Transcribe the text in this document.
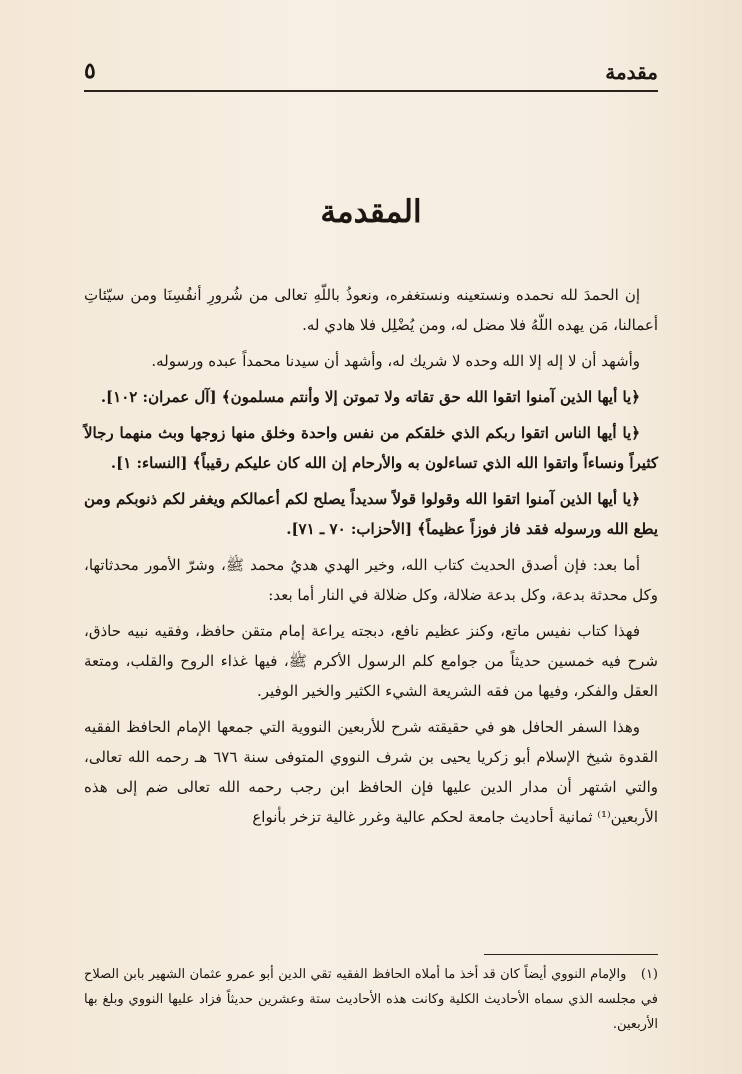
مقدمة
٥
المقدمة

إن الحمدَ لله نحمده ونستعينه ونستغفره، ونعوذُ باللّهِ تعالى من شُرورِ أنفُسِنَا ومن سيّئاتِ أعمالنا، مَن يهده اللّهُ فلا مضل له، ومن يُضْلِل فلا هادي له.

وأشهد أن لا إله إلا الله وحده لا شريك له، وأشهد أن سيدنا محمداً عبده ورسوله.

﴿يا أيها الذين آمنوا اتقوا الله حق تقاته ولا تموتن إلا وأنتم مسلمون﴾ [آل عمران: ١٠٢].

﴿يا أيها الناس اتقوا ربكم الذي خلقكم من نفس واحدة وخلق منها زوجها وبث منهما رجالاً كثيراً ونساءاً واتقوا الله الذي تساءلون به والأرحام إن الله كان عليكم رقيباً﴾ [النساء: ١].

﴿يا أيها الذين آمنوا اتقوا الله وقولوا قولاً سديداً يصلح لكم أعمالكم ويغفر لكم ذنوبكم ومن يطع الله ورسوله فقد فاز فوزاً عظيماً﴾ [الأحزاب: ٧٠ ـ ٧١].

أما بعد: فإن أصدق الحديث كتاب الله، وخير الهدي هديُ محمد ﷺ، وشرّ الأمور محدثاتها، وكل محدثة بدعة، وكل بدعة ضلالة، وكل ضلالة في النار أما بعد:

فهذا كتاب نفيس ماتع، وكنز عظيم نافع، دبجته يراعة إمام متقن حافظ، وفقيه نبيه حاذق، شرح فيه خمسين حديثاً من جوامع كلم الرسول الأكرم ﷺ، فيها غذاء الروح والقلب، ومتعة العقل والفكر، وفيها من فقه الشريعة الشيء الكثير والخير الوفير.

وهذا السفر الحافل هو في حقيقته شرح للأربعين النووية التي جمعها الإمام الحافظ الفقيه القدوة شيخ الإسلام أبو زكريا يحيى بن شرف النووي المتوفى سنة ٦٧٦ هـ رحمه الله تعالى، والتي اشتهر أن مدار الدين عليها فإن الحافظ ابن رجب رحمه الله تعالى ضم إلى هذه الأربعين⁽¹⁾ ثمانية أحاديث جامعة لحكم عالية وغرر غالية تزخر بأنواع

(١) والإمام النووي أيضاً كان قد أخذ ما أملاه الحافظ الفقيه تقي الدين أبو عمرو عثمان الشهير بابن الصلاح في مجلسه الذي سماه الأحاديث الكلية وكانت هذه الأحاديث ستة وعشرين حديثاً فزاد عليها النووي وبلغ بها الأربعين.
